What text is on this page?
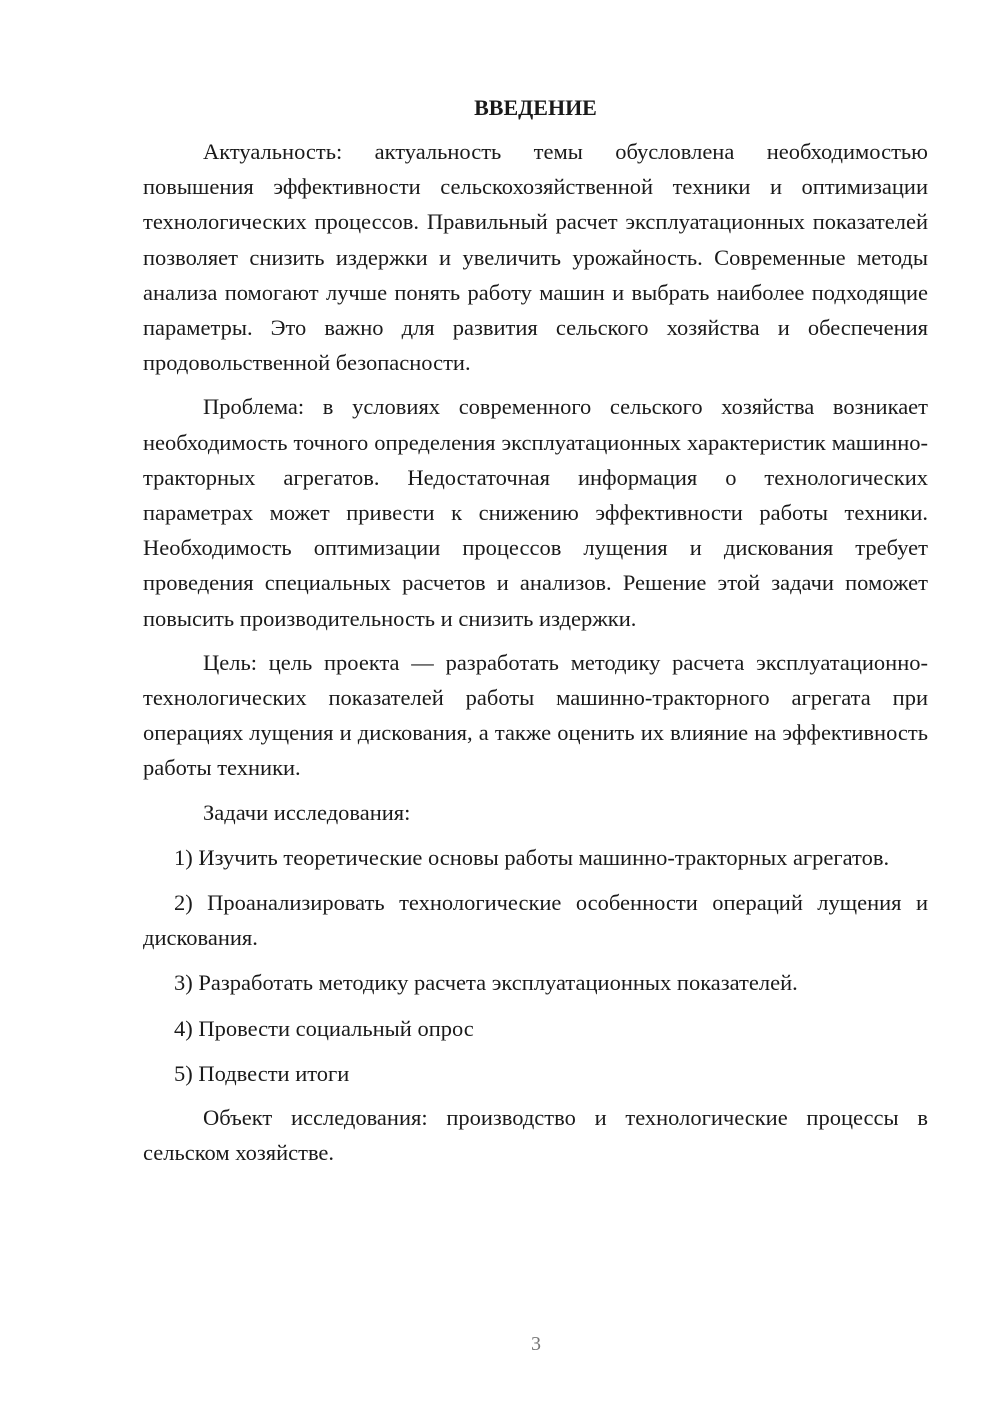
ВВЕДЕНИЕ

Актуальность: актуальность темы обусловлена необходимостью повышения эффективности сельскохозяйственной техники и оптимизации технологических процессов. Правильный расчет эксплуатационных показателей позволяет снизить издержки и увеличить урожайность. Современные методы анализа помогают лучше понять работу машин и выбрать наиболее подходящие параметры. Это важно для развития сельского хозяйства и обеспечения продовольственной безопасности.

Проблема: в условиях современного сельского хозяйства возникает необходимость точного определения эксплуатационных характеристик машинно-тракторных агрегатов. Недостаточная информация о технологических параметрах может привести к снижению эффективности работы техники. Необходимость оптимизации процессов лущения и дискования требует проведения специальных расчетов и анализов. Решение этой задачи поможет повысить производительность и снизить издержки.

Цель: цель проекта — разработать методику расчета эксплуатационно-технологических показателей работы машинно-тракторного агрегата при операциях лущения и дискования, а также оценить их влияние на эффективность работы техники.

Задачи исследования:

1) Изучить теоретические основы работы машинно-тракторных агрегатов.

2) Проанализировать технологические особенности операций лущения и дискования.

3) Разработать методику расчета эксплуатационных показателей.

4) Провести социальный опрос

5) Подвести итоги

Объект исследования: производство и технологические процессы в сельском хозяйстве.

3
